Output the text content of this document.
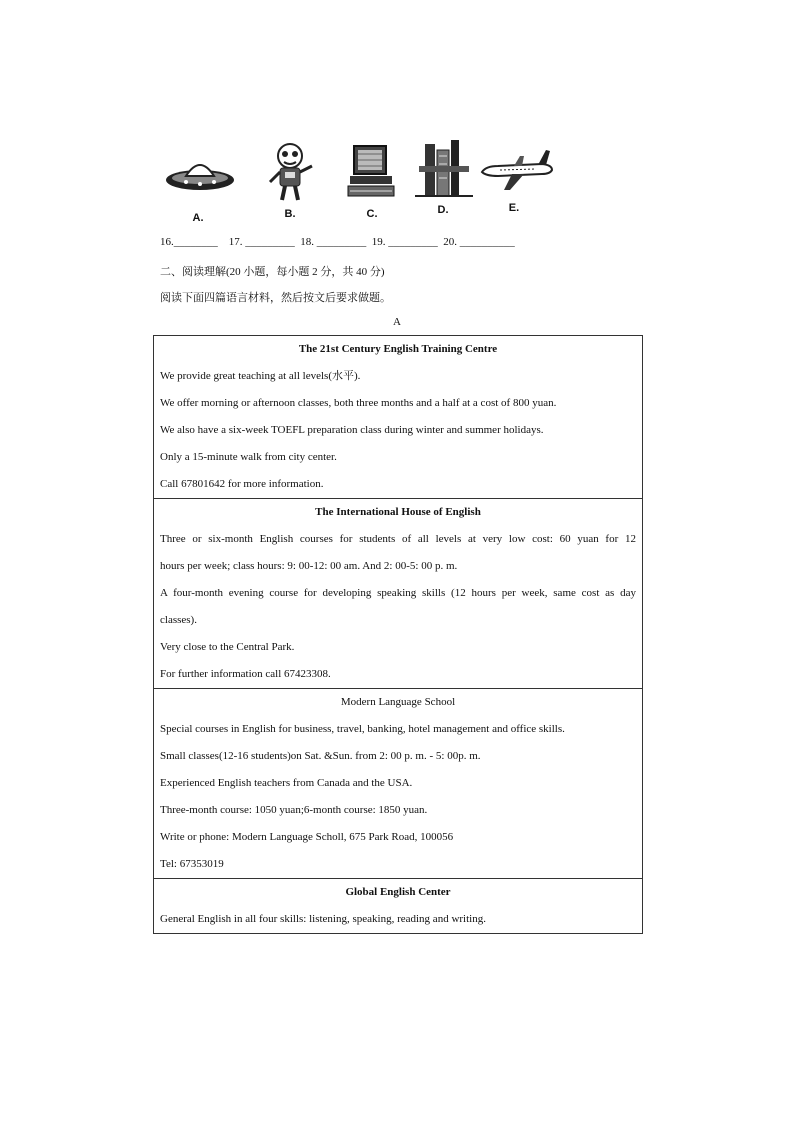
A.	B.	C.	D.	E.
16.________    17. _________  18. _________  19. _________  20. __________
二、阅读理解(20 小题，每小题 2 分，共 40 分)
阅读下面四篇语言材料，然后按文后要求做题。
A
The 21st Century English Training Centre
We provide great teaching at all levels(水平).
We offer morning or afternoon classes, both three months and a half at a cost of 800 yuan.
We also have a six-week TOEFL preparation class during winter and summer holidays.
Only a 15-minute walk from city center.
Call 67801642 for more information.
The International House of English
Three or six-month English courses for students of all levels at very low cost: 60 yuan for 12
hours per week; class hours: 9: 00-12: 00 am. And 2: 00-5: 00 p. m.
A four-month evening course for developing speaking skills (12 hours per week, same cost as day
classes).
Very close to the Central Park.
For further information call 67423308.
Modern Language School
Special courses in English for business, travel, banking, hotel management and office skills.
Small classes(12-16 students)on Sat. &Sun. from 2: 00 p. m. - 5: 00p. m.
Experienced English teachers from Canada and the USA.
Three-month course: 1050 yuan;6-month course: 1850 yuan.
Write or phone: Modern Language Scholl, 675 Park Road, 100056
Tel: 67353019
Global English Center
General English in all four skills: listening, speaking, reading and writing.
